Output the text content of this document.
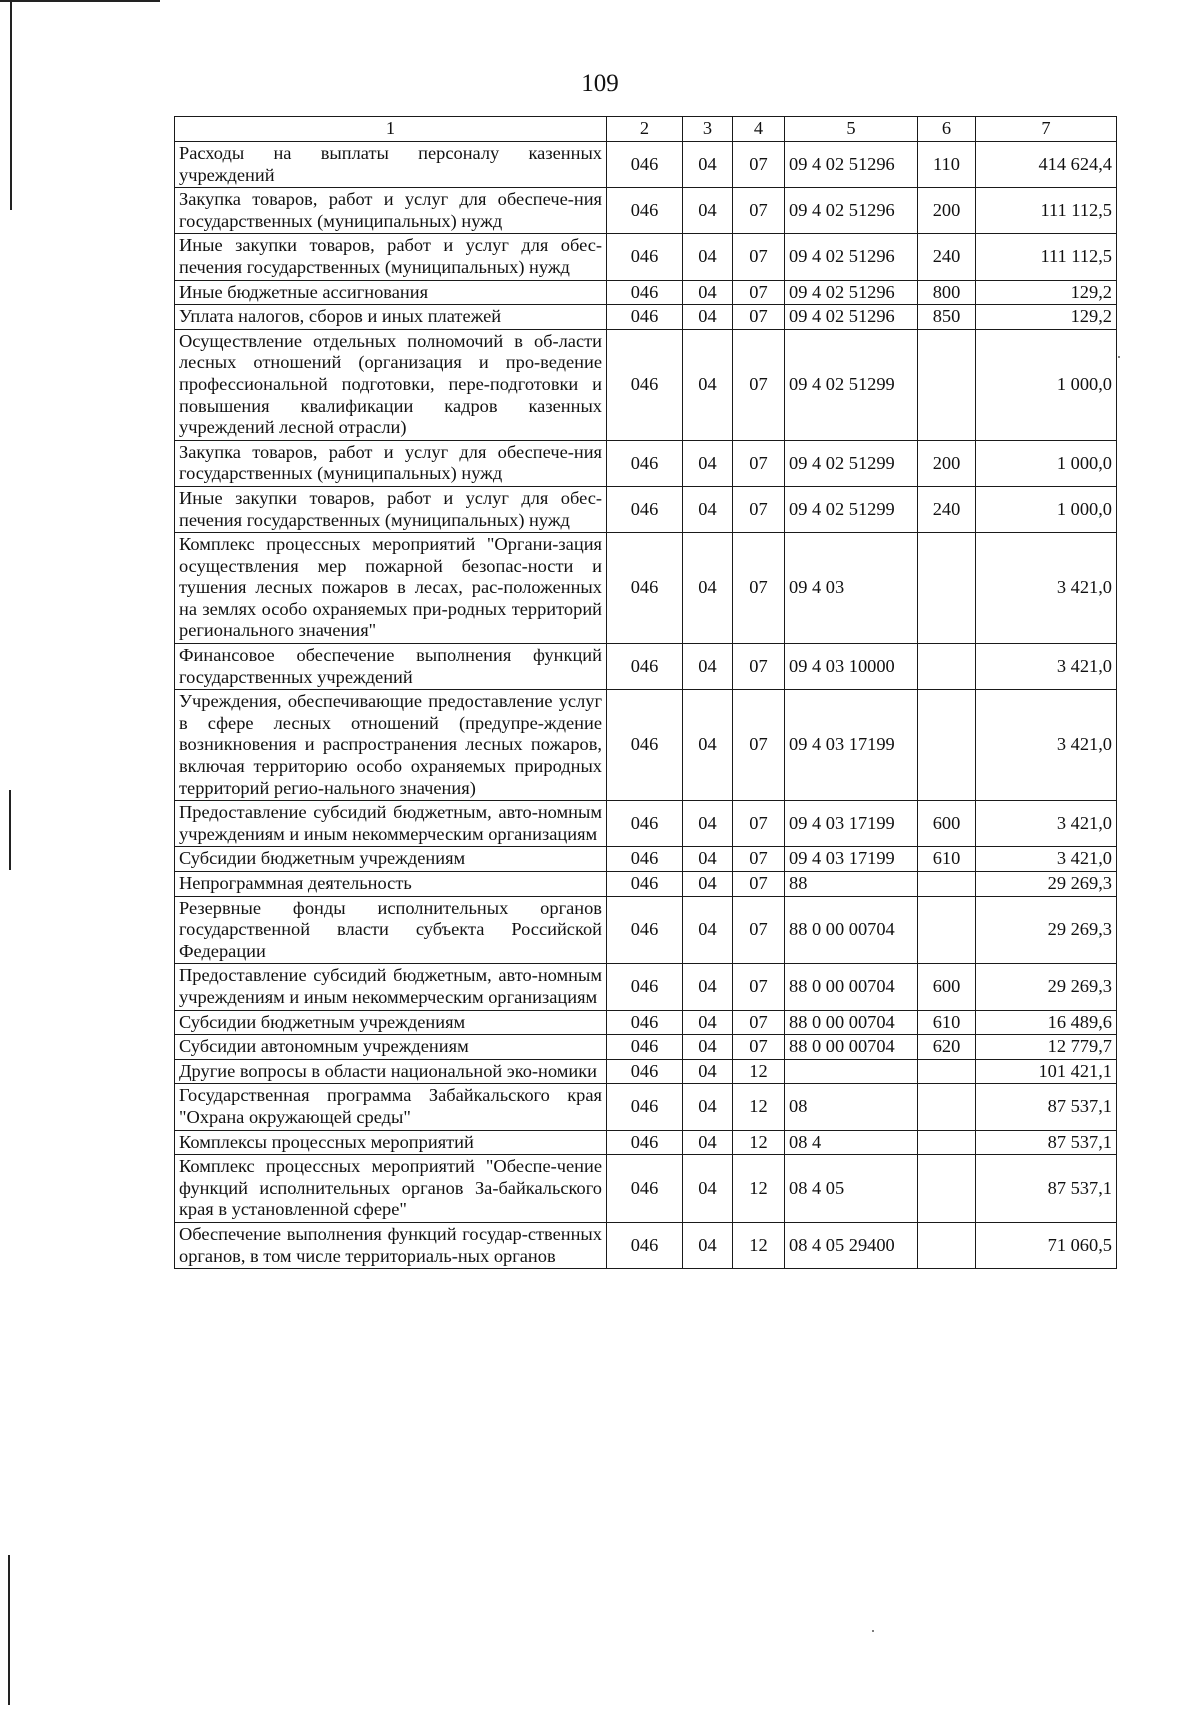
109
1	2	3	4	5	6	7
Расходы на выплаты персоналу казенных учреждений	046	04	07	09 4 02 51296	110	414 624,4
Закупка товаров, работ и услуг для обеспече-ния государственных (муниципальных) нужд	046	04	07	09 4 02 51296	200	111 112,5
Иные закупки товаров, работ и услуг для обес-печения государственных (муниципальных) нужд	046	04	07	09 4 02 51296	240	111 112,5
Иные бюджетные ассигнования	046	04	07	09 4 02 51296	800	129,2
Уплата налогов, сборов и иных платежей	046	04	07	09 4 02 51296	850	129,2
Осуществление отдельных полномочий в об-ласти лесных отношений (организация и про-ведение профессиональной подготовки, пере-подготовки и повышения квалификации кадров казенных учреждений лесной отрасли)	046	04	07	09 4 02 51299		1 000,0
Закупка товаров, работ и услуг для обеспече-ния государственных (муниципальных) нужд	046	04	07	09 4 02 51299	200	1 000,0
Иные закупки товаров, работ и услуг для обес-печения государственных (муниципальных) нужд	046	04	07	09 4 02 51299	240	1 000,0
Комплекс процессных мероприятий "Органи-зация осуществления мер пожарной безопас-ности и тушения лесных пожаров в лесах, рас-положенных на землях особо охраняемых при-родных территорий регионального значения"	046	04	07	09 4 03		3 421,0
Финансовое обеспечение выполнения функций государственных учреждений	046	04	07	09 4 03 10000		3 421,0
Учреждения, обеспечивающие предоставление услуг в сфере лесных отношений (предупре-ждение возникновения и распространения лесных пожаров, включая территорию особо охраняемых природных территорий регио-нального значения)	046	04	07	09 4 03 17199		3 421,0
Предоставление субсидий бюджетным, авто-номным учреждениям и иным некоммерческим организациям	046	04	07	09 4 03 17199	600	3 421,0
Субсидии бюджетным учреждениям	046	04	07	09 4 03 17199	610	3 421,0
Непрограммная деятельность	046	04	07	88		29 269,3
Резервные фонды исполнительных органов государственной власти субъекта Российской Федерации	046	04	07	88 0 00 00704		29 269,3
Предоставление субсидий бюджетным, авто-номным учреждениям и иным некоммерческим организациям	046	04	07	88 0 00 00704	600	29 269,3
Субсидии бюджетным учреждениям	046	04	07	88 0 00 00704	610	16 489,6
Субсидии автономным учреждениям	046	04	07	88 0 00 00704	620	12 779,7
Другие вопросы в области национальной эко-номики	046	04	12			101 421,1
Государственная программа Забайкальского края "Охрана окружающей среды"	046	04	12	08		87 537,1
Комплексы процессных мероприятий	046	04	12	08 4		87 537,1
Комплекс процессных мероприятий "Обеспе-чение функций исполнительных органов За-байкальского края в установленной сфере"	046	04	12	08 4 05		87 537,1
Обеспечение выполнения функций государ-ственных органов, в том числе территориаль-ных органов	046	04	12	08 4 05 29400		71 060,5
